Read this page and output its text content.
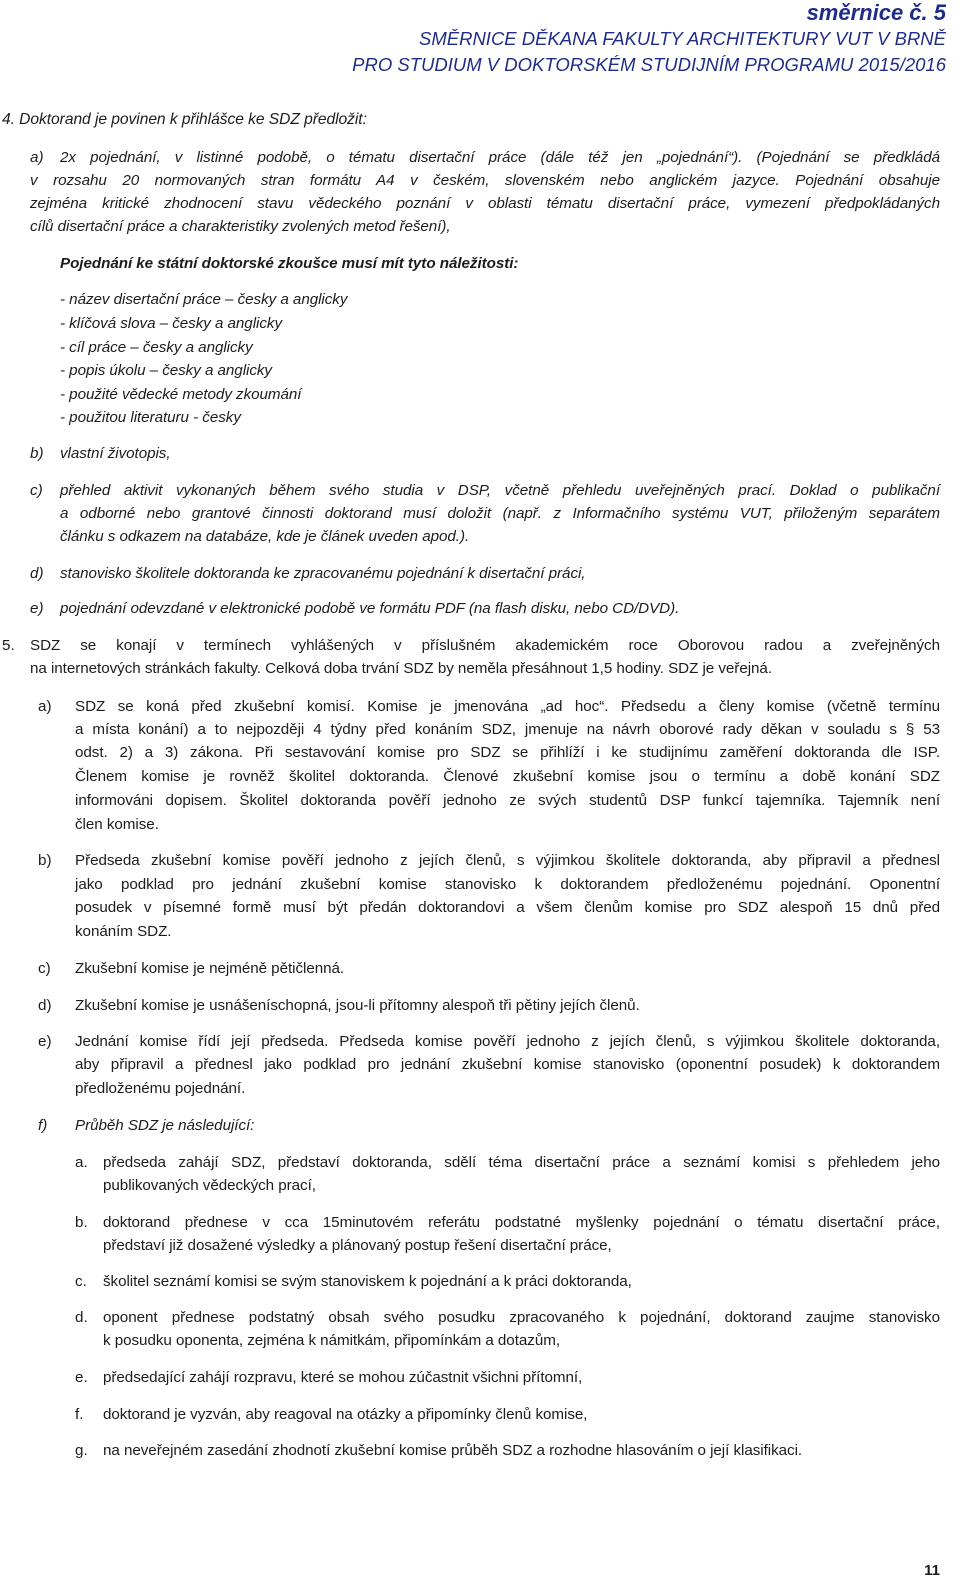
směrnice č. 5
SMĚRNICE DĚKANA FAKULTY ARCHITEKTURY VUT V BRNĚ
PRO STUDIUM V DOKTORSKÉM STUDIJNÍM PROGRAMU 2015/2016
4. Doktorand je povinen k přihlášce ke SDZ předložit:
a) 2x pojednání, v listinné podobě, o tématu disertační práce (dále též jen „pojednání“). (Pojednání se předkládá
v rozsahu 20 normovaných stran formátu A4 v českém, slovenském nebo anglickém jazyce. Pojednání obsahuje
zejména kritické zhodnocení stavu vědeckého poznání v oblasti tématu disertační práce, vymezení předpokládaných
cílů disertační práce a charakteristiky zvolených metod řešení),
Pojednání ke státní doktorské zkoušce musí mít tyto náležitosti:
- název disertační práce – česky a anglicky
- klíčová slova – česky a anglicky
- cíl práce – česky a anglicky
- popis úkolu – česky a anglicky
- použité vědecké metody zkoumání
- použitou literaturu - česky
b) vlastní životopis,
c) přehled aktivit vykonaných během svého studia v DSP, včetně přehledu uveřejněných prací. Doklad o publikační
a odborné nebo grantové činnosti doktorand musí doložit (např. z Informačního systému VUT, přiloženým separátem
článku s odkazem na databáze, kde je článek uveden apod.).
d) stanovisko školitele doktoranda ke zpracovanému pojednání k disertační práci,
e) pojednání odevzdané v elektronické podobě ve formátu PDF (na flash disku, nebo CD/DVD).
5. SDZ se konají v termínech vyhlášených v příslušném akademickém roce Oborovou radou a zveřejněných
na internetových stránkách fakulty. Celková doba trvání SDZ by neměla přesáhnout 1,5 hodiny. SDZ je veřejná.
a) SDZ se koná před zkušební komisí. Komise je jmenována „ad hoc“. Předsedu a členy komise (včetně termínu
a místa konání) a to nejpozději 4 týdny před konáním SDZ, jmenuje na návrh oborové rady děkan v souladu s § 53
odst. 2) a 3) zákona. Při sestavování komise pro SDZ se přihlíží i ke studijnímu zaměření doktoranda dle ISP.
Členem komise je rovněž školitel doktoranda. Členové zkušební komise jsou o termínu a době konání SDZ
informováni dopisem. Školitel doktoranda pověří jednoho ze svých studentů DSP funkcí tajemníka. Tajemník není
člen komise.
b) Předseda zkušební komise pověří jednoho z jejích členů, s výjimkou školitele doktoranda, aby připravil a přednesl
jako podklad pro jednání zkušební komise stanovisko k doktorandem předloženému pojednání. Oponentní
posudek v písemné formě musí být předán doktorandovi a všem členům komise pro SDZ alespoň 15 dnů před
konáním SDZ.
c) Zkušební komise je nejméně pětičlenná.
d) Zkušební komise je usnášeníschopná, jsou-li přítomny alespoň tři pětiny jejích členů.
e) Jednání komise řídí její předseda. Předseda komise pověří jednoho z jejích členů, s výjimkou školitele doktoranda,
aby připravil a přednesl jako podklad pro jednání zkušební komise stanovisko (oponentní posudek) k doktorandem
předloženému pojednání.
f) Průběh SDZ je následující:
a. předseda zahájí SDZ, představí doktoranda, sdělí téma disertační práce a seznámí komisi s přehledem jeho
publikovaných vědeckých prací,
b. doktorand přednese v cca 15minutovém referátu podstatné myšlenky pojednání o tématu disertační práce,
představí již dosažené výsledky a plánovaný postup řešení disertační práce,
c. školitel seznámí komisi se svým stanoviskem k pojednání a k práci doktoranda,
d. oponent přednese podstatný obsah svého posudku zpracovaného k pojednání, doktorand zaujme stanovisko
k posudku oponenta, zejména k námitkám, připomínkám a dotazům,
e. předsedající zahájí rozpravu, které se mohou zúčastnit všichni přítomní,
f. doktorand je vyzván, aby reagoval na otázky a připomínky členů komise,
g. na neveřejném zasedání zhodnotí zkušební komise průběh SDZ a rozhodne hlasováním o její klasifikaci.
11
